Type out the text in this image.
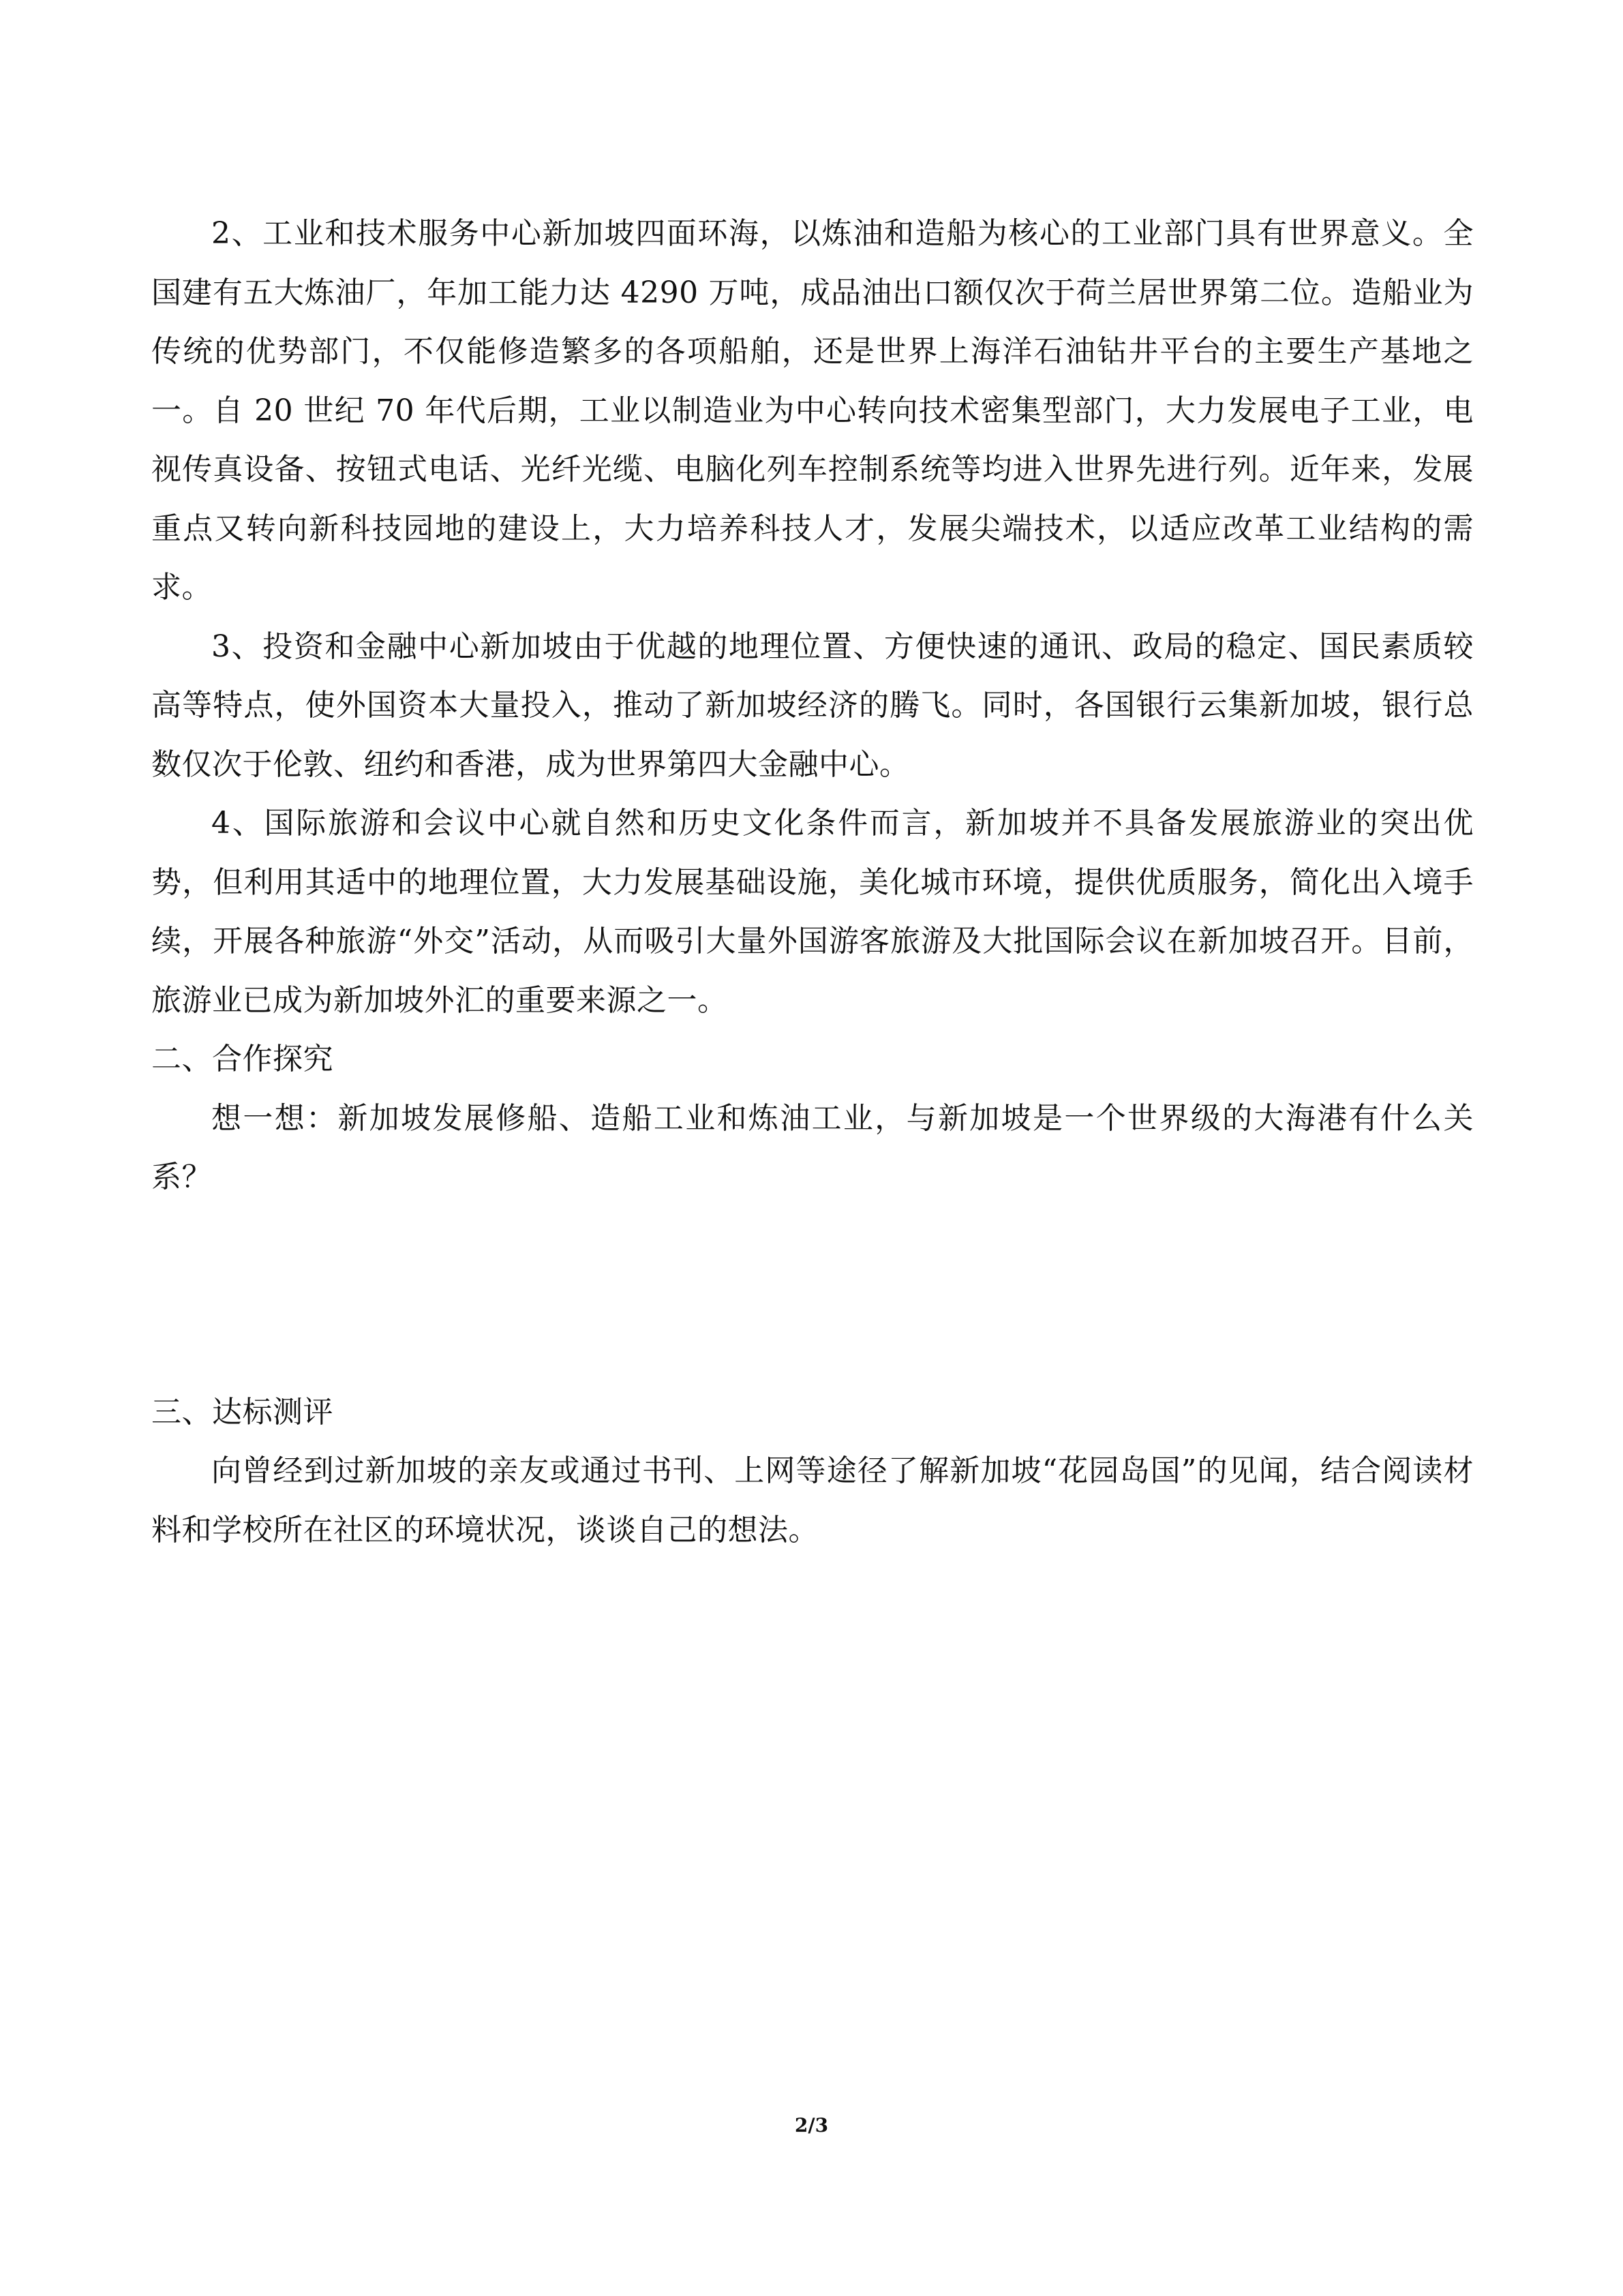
2、工业和技术服务中心新加坡四面环海，以炼油和造船为核心的工业部门具有世界意义。全国建有五大炼油厂，年加工能力达 4290 万吨，成品油出口额仅次于荷兰居世界第二位。造船业为传统的优势部门，不仅能修造繁多的各项船舶，还是世界上海洋石油钻井平台的主要生产基地之一。自 20 世纪 70 年代后期，工业以制造业为中心转向技术密集型部门，大力发展电子工业，电视传真设备、按钮式电话、光纤光缆、电脑化列车控制系统等均进入世界先进行列。近年来，发展重点又转向新科技园地的建设上，大力培养科技人才，发展尖端技术，以适应改革工业结构的需求。

3、投资和金融中心新加坡由于优越的地理位置、方便快速的通讯、政局的稳定、国民素质较高等特点，使外国资本大量投入，推动了新加坡经济的腾飞。同时，各国银行云集新加坡，银行总数仅次于伦敦、纽约和香港，成为世界第四大金融中心。

4、国际旅游和会议中心就自然和历史文化条件而言，新加坡并不具备发展旅游业的突出优势，但利用其适中的地理位置，大力发展基础设施，美化城市环境，提供优质服务，简化出入境手续，开展各种旅游“外交”活动，从而吸引大量外国游客旅游及大批国际会议在新加坡召开。目前，旅游业已成为新加坡外汇的重要来源之一。

二、合作探究

想一想：新加坡发展修船、造船工业和炼油工业，与新加坡是一个世界级的大海港有什么关系？

三、达标测评

向曾经到过新加坡的亲友或通过书刊、上网等途径了解新加坡“花园岛国”的见闻，结合阅读材料和学校所在社区的环境状况，谈谈自己的想法。

2/3
